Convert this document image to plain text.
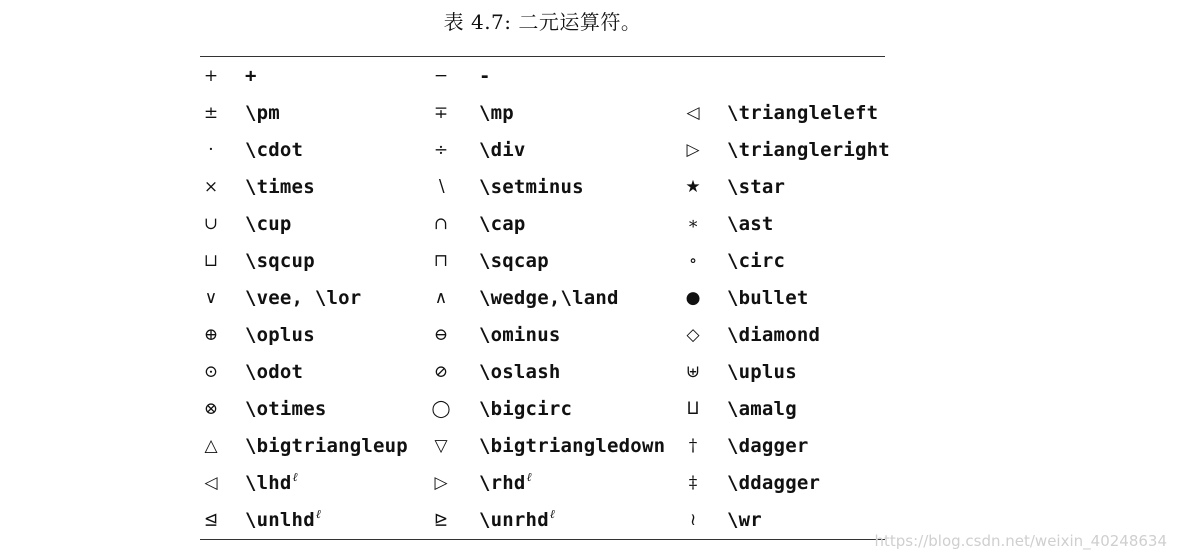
表 4.7: 二元运算符。
+ +	− -
± \pm	∓ \mp	◁ \triangleleft
·	\cdot	÷ \div	▷ \triangleright
× \times	∖ \setminus	★ \star
∪ \cup	∩ \cap	∗ \ast
⊔ \sqcup	⊓ \sqcap	∘	\circ
∨ \vee, \lor	∧ \wedge,\land	● \bullet
⊕ \oplus	⊖ \ominus	◇ \diamond
⊙ \odot	⊘ \oslash	⊎ \uplus
⊗ \otimes	◯ \bigcirc	⨿ \amalg
△ \bigtriangleup ▽ \bigtriangledown	†	\dagger
◁ \lhd$^\ell$	▷ \rhd$^\ell$	‡	\ddagger
⊴ \unlhd$^\ell$	⊵ \unrhd$^\ell$	≀	\wr
https://blog.csdn.net/weixin_40248634
